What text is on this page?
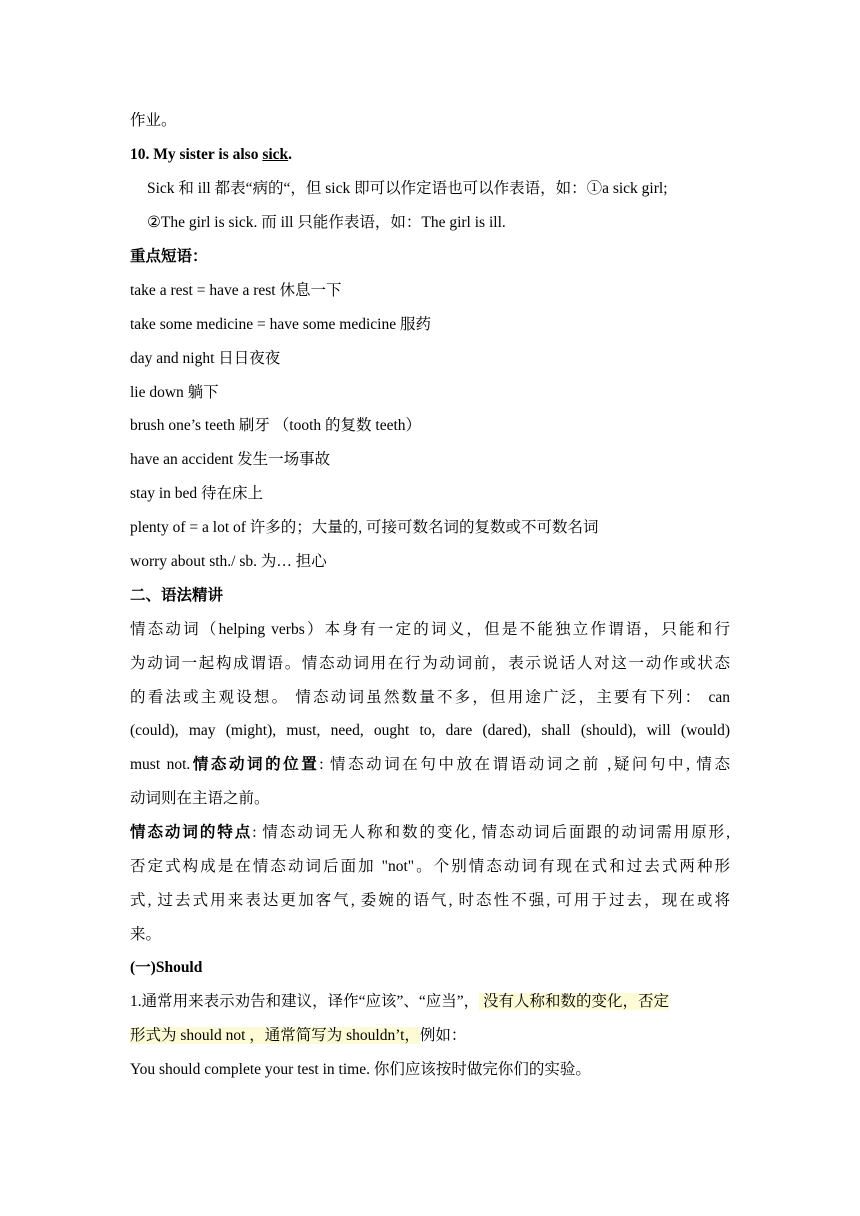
作业。
10. My sister is also sick.
Sick 和 ill 都表“病的“，但 sick 即可以作定语也可以作表语，如：①a sick girl;
②The girl is sick. 而 ill 只能作表语，如：The girl is ill.
重点短语：
take a rest = have a rest 休息一下
take some medicine = have some medicine 服药
day and night 日日夜夜
lie down 躺下
brush one’s teeth 刷牙 （tooth 的复数 teeth）
have an accident 发生一场事故
stay in bed 待在床上
plenty of = a lot of 许多的；大量的, 可接可数名词的复数或不可数名词
worry about sth./ sb. 为… 担心
二、语法精讲
情态动词（helping verbs）本身有一定的词义，但是不能独立作谓语，只能和行
为动词一起构成谓语。情态动词用在行为动词前，表示说话人对这一动作或状态
的看法或主观设想。 情态动词虽然数量不多，但用途广泛，主要有下列： can
(could), may (might), must, need, ought to, dare (dared), shall (should), will (would)
must not.情态动词的位置: 情态动词在句中放在谓语动词之前 ,疑问句中, 情态
动词则在主语之前。
情态动词的特点: 情态动词无人称和数的变化, 情态动词后面跟的动词需用原形,
否定式构成是在情态动词后面加 "not"。个别情态动词有现在式和过去式两种形
式, 过去式用来表达更加客气, 委婉的语气, 时态性不强, 可用于过去，现在或将
来。
(一)Should
1.通常用来表示劝告和建议，译作“应该”、“应当”， 没有人称和数的变化，否定
形式为 should not ，通常简写为 shouldn’t，例如：
You should complete your test in time. 你们应该按时做完你们的实验。
